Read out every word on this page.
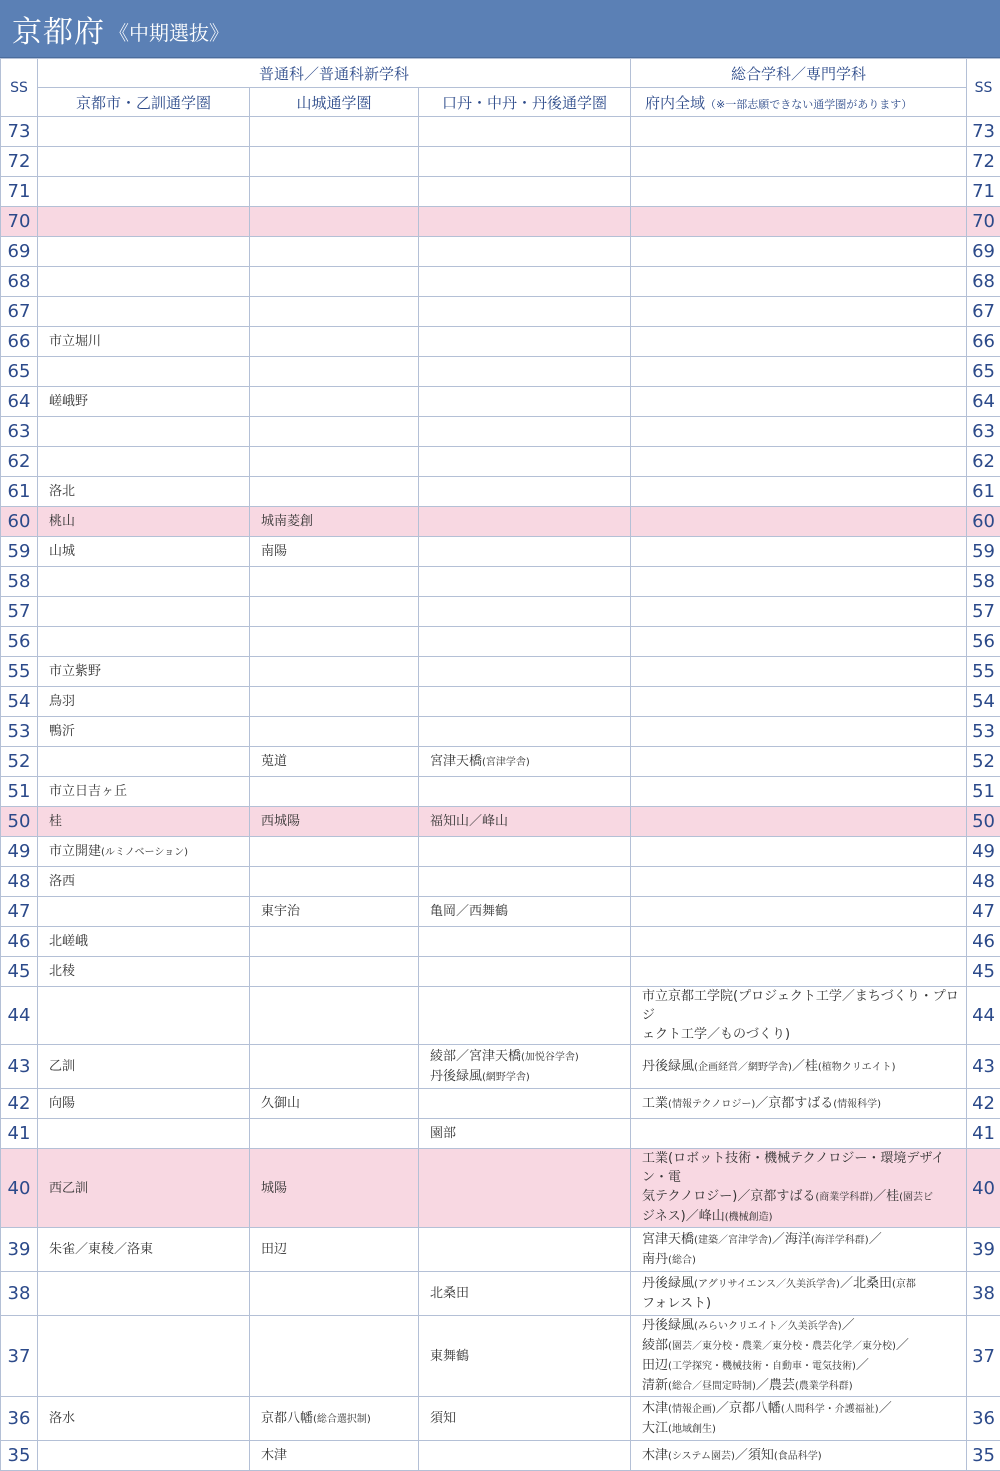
京都府 《中期選抜》
SS	普通科／普通科新学科			総合学科／専門学科	SS
	京都市・乙訓通学圏	山城通学圏	口丹・中丹・丹後通学圏	府内全域（※一部志願できない通学圏があります）	
73					73
72					72
71					71
70					70
69					69
68					68
67					67
66	市立堀川				66
65					65
64	嵯峨野				64
63					63
62					62
61	洛北				61
60	桃山	城南菱創			60
59	山城	南陽			59
58					58
57					57
56					56
55	市立紫野				55
54	鳥羽				54
53	鴨沂				53
52		莵道	宮津天橋(宮津学舎)		52
51	市立日吉ヶ丘				51
50	桂	西城陽	福知山／峰山		50
49	市立開建(ルミノベーション)				49
48	洛西				48
47		東宇治	亀岡／西舞鶴		47
46	北嵯峨				46
45	北稜				45
44				市立京都工学院(プロジェクト工学／まちづくり・プロジ
ェクト工学／ものづくり)	44
43	乙訓		綾部／宮津天橋(加悦谷学舎)
丹後緑風(網野学舎)	丹後緑風(企画経営／網野学舎)／桂(植物クリエイト)	43
42	向陽	久御山		工業(情報テクノロジー)／京都すばる(情報科学)	42
41			園部		41
40	西乙訓	城陽		工業(ロボット技術・機械テクノロジー・環境デザイン・電
気テクノロジー)／京都すばる(商業学科群)／桂(園芸ビ
ジネス)／峰山(機械創造)	40
39	朱雀／東稜／洛東	田辺		宮津天橋(建築／宮津学舎)／海洋(海洋学科群)／
南丹(総合)	39
38			北桑田	丹後緑風(アグリサイエンス／久美浜学舎)／北桑田(京都
フォレスト)	38
37			東舞鶴	丹後緑風(みらいクリエイト／久美浜学舎)／
綾部(園芸／東分校・農業／東分校・農芸化学／東分校)／
田辺(工学探究・機械技術・自動車・電気技術)／
清新(総合／昼間定時制)／農芸(農業学科群)	37
36	洛水	京都八幡(総合選択制)	須知	木津(情報企画)／京都八幡(人間科学・介護福祉)／
大江(地域創生)	36
35		木津		木津(システム園芸)／須知(食品科学)	35
